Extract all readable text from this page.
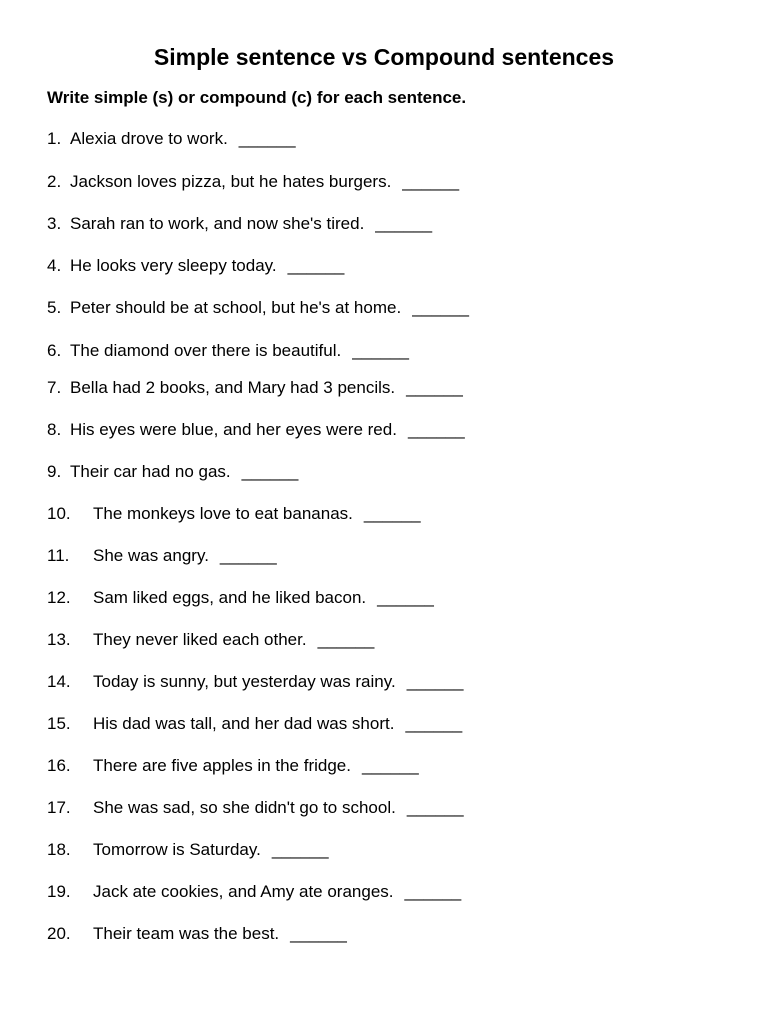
Simple sentence vs Compound sentences

Write simple (s) or compound (c) for each sentence.

1. Alexia drove to work. ______
2. Jackson loves pizza, but he hates burgers. ______
3. Sarah ran to work, and now she's tired. ______
4. He looks very sleepy today. ______
5. Peter should be at school, but he's at home. ______
6. The diamond over there is beautiful. ______
7. Bella had 2 books, and Mary had 3 pencils. ______
8. His eyes were blue, and her eyes were red. ______
9. Their car had no gas. ______
10. The monkeys love to eat bananas. ______
11. She was angry. ______
12. Sam liked eggs, and he liked bacon. ______
13. They never liked each other. ______
14. Today is sunny, but yesterday was rainy. ______
15. His dad was tall, and her dad was short. ______
16. There are five apples in the fridge. ______
17. She was sad, so she didn't go to school. ______
18. Tomorrow is Saturday. ______
19. Jack ate cookies, and Amy ate oranges. ______
20. Their team was the best. ______
